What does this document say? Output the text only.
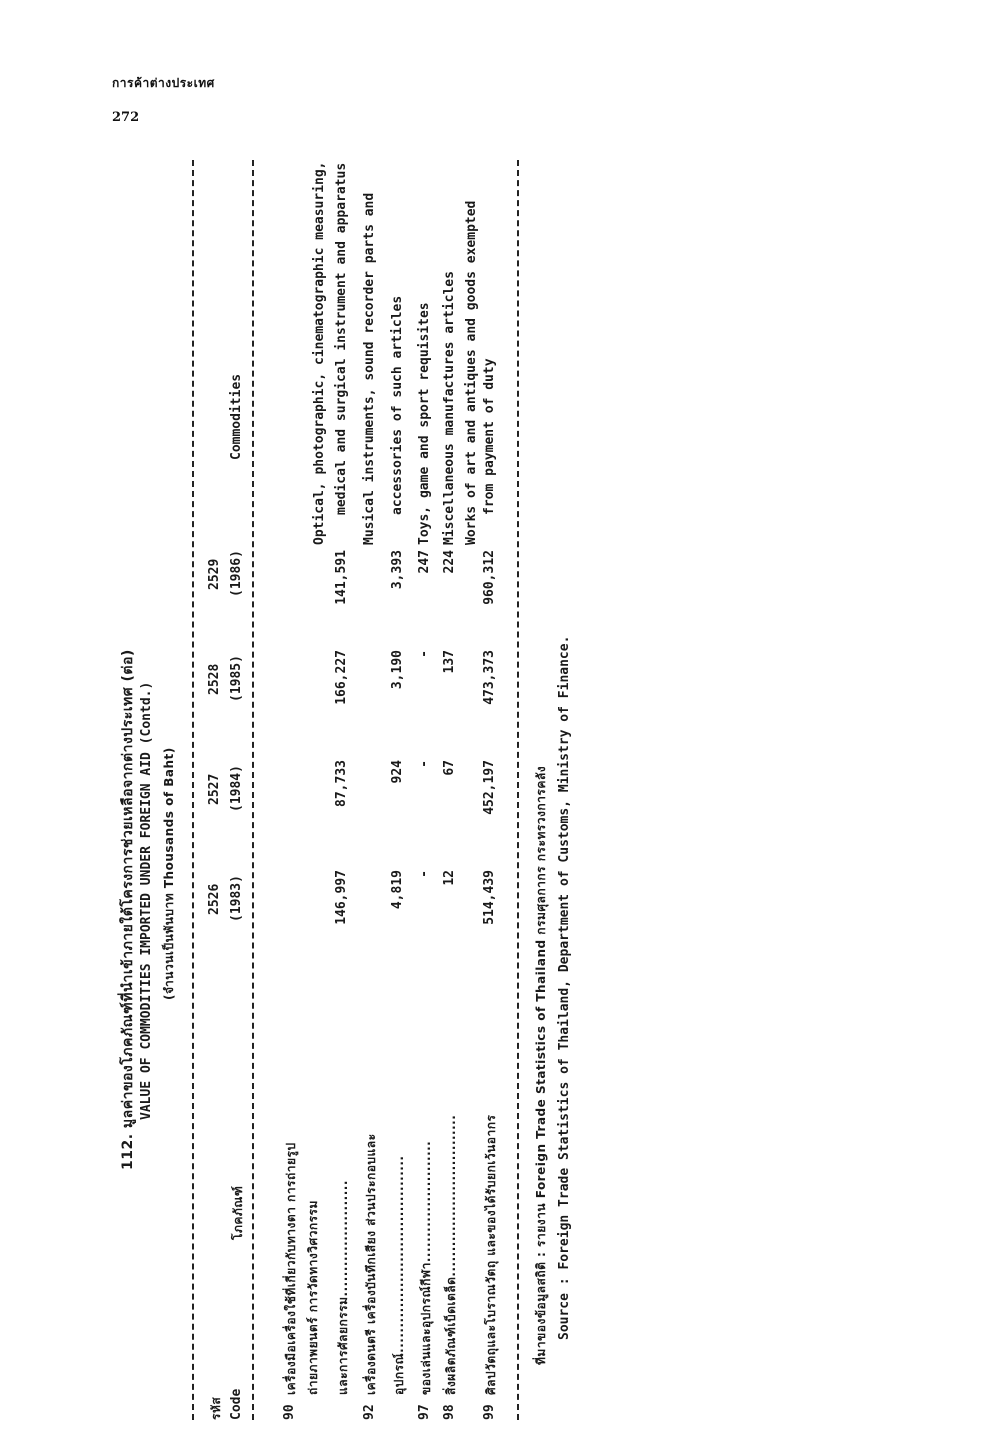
การค้าต่างประเทศ
272
112. มูลค่าของโภคภัณฑ์ที่นำเข้าภายใต้โครงการช่วยเหลือจากต่างประเทศ (ต่อ) VALUE OF COMMODITIES IMPORTED UNDER FOREIGN AID (Contd.) (จำนวนเป็นพันบาท Thousands of Baht)
รหัส Code
โภคภัณฑ์
2526 (1983)
2527 (1984)
2528 (1985)
2529 (1986)
Commodities
90
เครื่องมือเครื่องใช้ที่เกี่ยวกับทางตา การถ่ายรูป ถ่ายภาพยนตร์ การวัดทางวิศวกรรม และการศัลยกรรม.......................
146,997
87,733
166,227
141,591
Optical, photographic, cinematographic measuring, medical and surgical instrument and apparatus
92
เครื่องดนตรี เครื่องบันทึกเสียง ส่วนประกอบและ อุปกรณ์.......................................
4,819
924
3,190
3,393
Musical instruments, sound recorder parts and accessories of such articles
97
ของเล่นและอุปกรณ์กีฬา........................
-
-
-
247
Toys, game and sport requisites
98
สิ่งผลิตภัณฑ์เบ็ดเตล็ด................................
12
67
137
224
Miscellaneous manufactures articles
99
ศิลปวัตถุและโบราณวัตถุ และของได้รับยกเว้นอากร
514,439
452,197
473,373
960,312
Works of art and antiques and goods exempted from payment of duty
ที่มาของข้อมูลสถิติ : รายงาน Foreign Trade Statistics of Thailand กรมศุลกากร กระทรวงการคลัง Source : Foreign Trade Statistics of Thailand, Department of Customs, Ministry of Finance.
